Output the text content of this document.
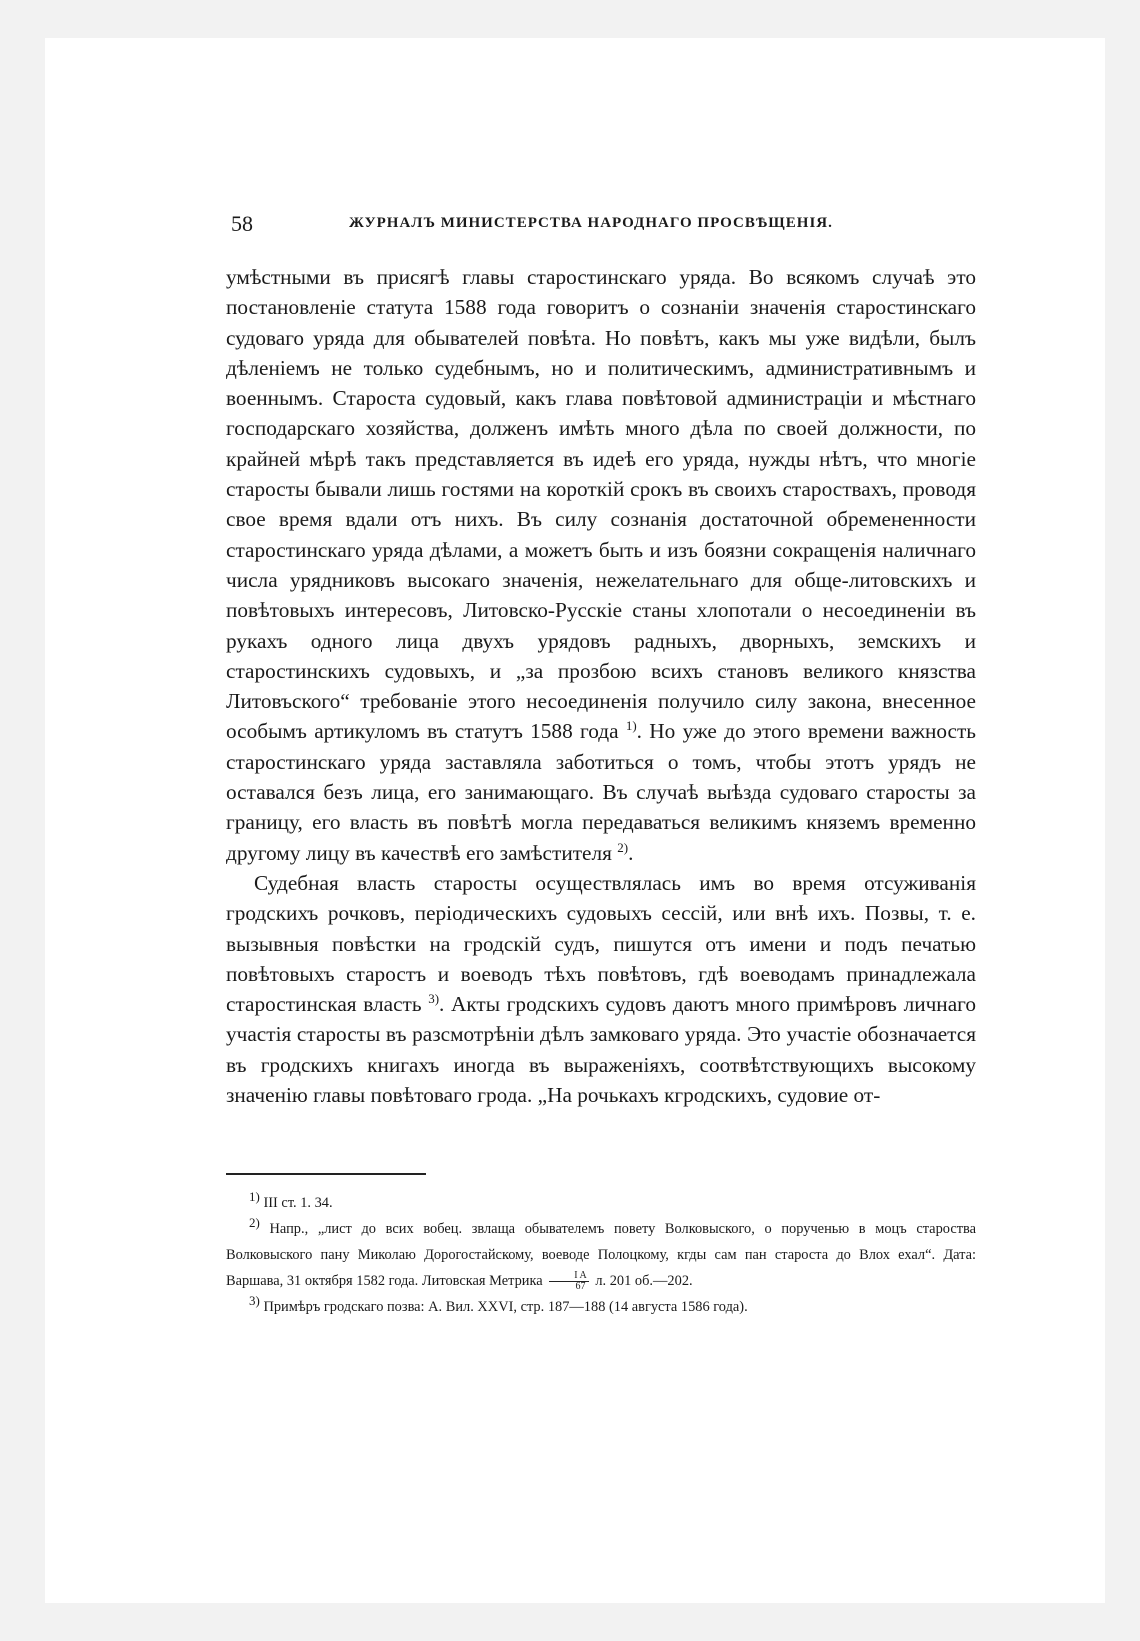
58	ЖУРНАЛЪ МИНИСТЕРСТВА НАРОДНАГО ПРОСВѢЩЕНІЯ.

умѣстными въ присягѣ главы старостинскаго уряда. Во всякомъ случаѣ это постановленіе статута 1588 года говоритъ о сознаніи значенія старостинскаго судоваго уряда для обывателей повѣта. Но повѣтъ, какъ мы уже видѣли, былъ дѣленіемъ не только судебнымъ, но и политическимъ, административнымъ и военнымъ. Староста судовый, какъ глава повѣтовой администраціи и мѣстнаго господарскаго хозяйства, долженъ имѣть много дѣла по своей должности, по крайней мѣрѣ такъ представляется въ идеѣ его уряда, нужды нѣтъ, что многіе старосты бывали лишь гостями на короткій срокъ въ своихъ староствахъ, проводя свое время вдали отъ нихъ. Въ силу сознанія достаточной обремененности старостинскаго уряда дѣлами, а можетъ быть и изъ боязни сокращенія наличнаго числа урядниковъ высокаго значенія, нежелательнаго для обще-литовскихъ и повѣтовыхъ интересовъ, Литовско-Русскіе станы хлопотали о несоединеніи въ рукахъ одного лица двухъ урядовъ радныхъ, дворныхъ, земскихъ и старостинскихъ судовыхъ, и „за прозбою всихъ становъ великого князства Литовъского“ требованіе этого несоединенія получило силу закона, внесенное особымъ артикуломъ въ статутъ 1588 года $^{1)}$. Но уже до этого времени важность старостинскаго уряда заставляла заботиться о томъ, чтобы этотъ урядъ не оставался безъ лица, его занимающаго. Въ случаѣ выѣзда судоваго старосты за границу, его власть въ повѣтѣ могла передаваться великимъ княземъ временно другому лицу въ качествѣ его замѣстителя $^{2)}$.

Судебная власть старосты осуществлялась имъ во время отсуживанія гродскихъ рочковъ, періодическихъ судовыхъ сессій, или внѣ ихъ. Позвы, т. е. вызывныя повѣстки на гродскій судъ, пишутся отъ имени и подъ печатью повѣтовыхъ старостъ и воеводъ тѣхъ повѣтовъ, гдѣ воеводамъ принадлежала старостинская власть $^{3)}$. Акты гродскихъ судовъ даютъ много примѣровъ личнаго участія старосты въ разсмотрѣніи дѣлъ замковаго уряда. Это участіе обозначается въ гродскихъ книгахъ иногда въ выраженіяхъ, соотвѣтствующихъ высокому значенію главы повѣтоваго грода. „На рочькахъ кгродскихъ, судовие от-

$^{1)}$ III ст. 1. 34.

$^{2)}$ Напр., „лист до всих вобец. звлаща обывателемъ повету Волковыского, о порученью в моцъ староства Волковыского пану Миколаю Дорогостайскому, воеводе Полоцкому, кгды сам пан староста до Влох ехал“. Дата: Варшава, 31 октября 1582 года. Литовская Метрика $\frac{\text{I A}}{67} л$. 201 об.—202.

$^{3)}$ Примѣръ гродскаго позва: А. Вил. XXVI, стр. 187—188 (14 августа 1586 года).
